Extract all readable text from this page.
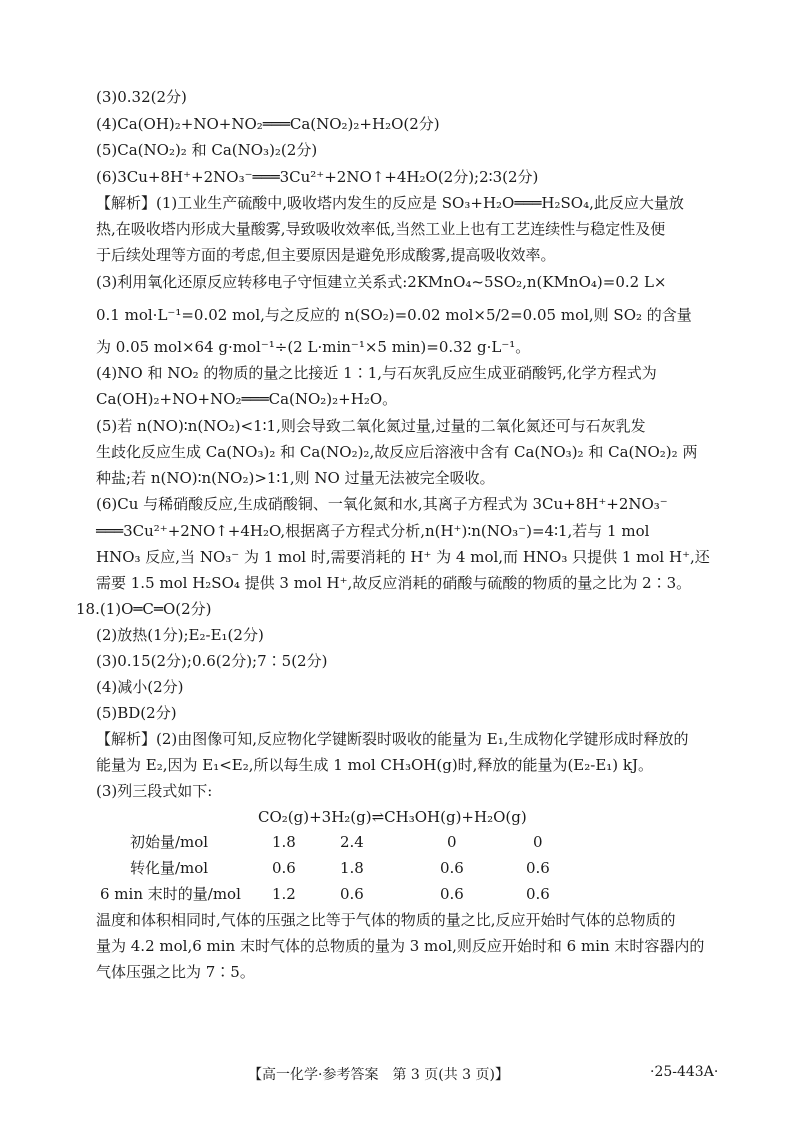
(3)0.32(2分)
(4)Ca(OH)₂+NO+NO₂═══Ca(NO₂)₂+H₂O(2分)
(5)Ca(NO₂)₂ 和 Ca(NO₃)₂(2分)
(6)3Cu+8H⁺+2NO₃⁻═══3Cu²⁺+2NO↑+4H₂O(2分);2∶3(2分)
【解析】(1)工业生产硫酸中,吸收塔内发生的反应是 SO₃+H₂O═══H₂SO₄,此反应大量放
热,在吸收塔内形成大量酸雾,导致吸收效率低,当然工业上也有工艺连续性与稳定性及便
于后续处理等方面的考虑,但主要原因是避免形成酸雾,提高吸收效率。
(3)利用氧化还原反应转移电子守恒建立关系式:2KMnO₄~5SO₂,n(KMnO₄)=0.2 L×
0.1 mol·L⁻¹=0.02 mol,与之反应的 n(SO₂)=0.02 mol×5/2=0.05 mol,则 SO₂ 的含量
为 0.05 mol×64 g·mol⁻¹÷(2 L·min⁻¹×5 min)=0.32 g·L⁻¹。
(4)NO 和 NO₂ 的物质的量之比接近 1∶1,与石灰乳反应生成亚硝酸钙,化学方程式为
Ca(OH)₂+NO+NO₂═══Ca(NO₂)₂+H₂O。
(5)若 n(NO)∶n(NO₂)<1∶1,则会导致二氧化氮过量,过量的二氧化氮还可与石灰乳发
生歧化反应生成 Ca(NO₃)₂ 和 Ca(NO₂)₂,故反应后溶液中含有 Ca(NO₃)₂ 和 Ca(NO₂)₂ 两
种盐;若 n(NO)∶n(NO₂)>1∶1,则 NO 过量无法被完全吸收。
(6)Cu 与稀硝酸反应,生成硝酸铜、一氧化氮和水,其离子方程式为 3Cu+8H⁺+2NO₃⁻
═══3Cu²⁺+2NO↑+4H₂O,根据离子方程式分析,n(H⁺)∶n(NO₃⁻)=4∶1,若与 1 mol
HNO₃ 反应,当 NO₃⁻ 为 1 mol 时,需要消耗的 H⁺ 为 4 mol,而 HNO₃ 只提供 1 mol H⁺,还
需要 1.5 mol H₂SO₄ 提供 3 mol H⁺,故反应消耗的硝酸与硫酸的物质的量之比为 2∶3。
18.(1)O═C═O(2分)
(2)放热(1分);E₂-E₁(2分)
(3)0.15(2分);0.6(2分);7∶5(2分)
(4)减小(2分)
(5)BD(2分)
【解析】(2)由图像可知,反应物化学键断裂时吸收的能量为 E₁,生成物化学键形成时释放的
能量为 E₂,因为 E₁<E₂,所以每生成 1 mol CH₃OH(g)时,释放的能量为(E₂-E₁) kJ。
(3)列三段式如下:
CO₂(g)+3H₂(g)⇌CH₃OH(g)+H₂O(g)
初始量/mol	1.8	2.4	0	0
转化量/mol	0.6	1.8	0.6	0.6
6 min 末时的量/mol 1.2	0.6	0.6	0.6
温度和体积相同时,气体的压强之比等于气体的物质的量之比,反应开始时气体的总物质的
量为 4.2 mol,6 min 末时气体的总物质的量为 3 mol,则反应开始时和 6 min 末时容器内的
气体压强之比为 7∶5。
【高一化学·参考答案　第 3 页(共 3 页)】	·25-443A·
